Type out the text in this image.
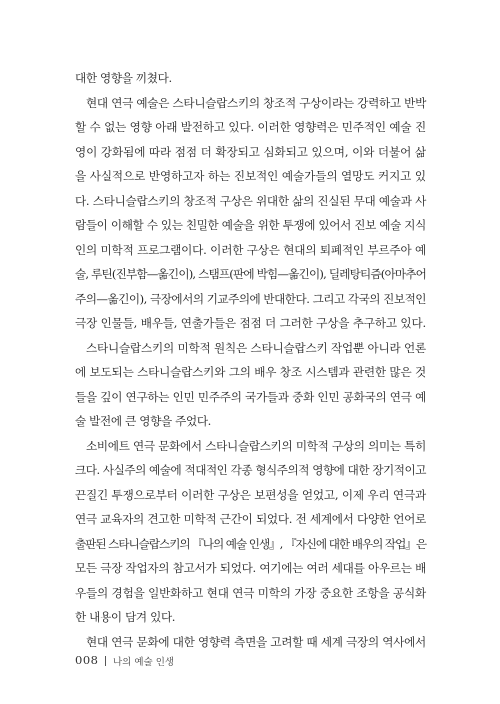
대한 영향을 끼쳤다.
현대 연극 예술은 스타니슬랍스키의 창조적 구상이라는 강력하고 반박
할 수 없는 영향 아래 발전하고 있다. 이러한 영향력은 민주적인 예술 진
영이 강화됨에 따라 점점 더 확장되고 심화되고 있으며, 이와 더불어 삶
을 사실적으로 반영하고자 하는 진보적인 예술가들의 열망도 커지고 있
다. 스타니슬랍스키의 창조적 구상은 위대한 삶의 진실된 무대 예술과 사
람들이 이해할 수 있는 친밀한 예술을 위한 투쟁에 있어서 진보 예술 지식
인의 미학적 프로그램이다. 이러한 구상은 현대의 퇴폐적인 부르주아 예
술, 루틴(진부함—옮긴이), 스탬프(판에 박힘—옮긴이), 딜레탕티즘(아마추어
주의—옮긴이), 극장에서의 기교주의에 반대한다. 그리고 각국의 진보적인
극장 인물들, 배우들, 연출가들은 점점 더 그러한 구상을 추구하고 있다.
스타니슬랍스키의 미학적 원칙은 스타니슬랍스키 작업뿐 아니라 언론
에 보도되는 스타니슬랍스키와 그의 배우 창조 시스템과 관련한 많은 것
들을 깊이 연구하는 인민 민주주의 국가들과 중화 인민 공화국의 연극 예
술 발전에 큰 영향을 주었다.
소비에트 연극 문화에서 스타니슬랍스키의 미학적 구상의 의미는 특히
크다. 사실주의 예술에 적대적인 각종 형식주의적 영향에 대한 장기적이고
끈질긴 투쟁으로부터 이러한 구상은 보편성을 얻었고, 이제 우리 연극과
연극 교육자의 견고한 미학적 근간이 되었다. 전 세계에서 다양한 언어로
출판된 스타니슬랍스키의 『나의 예술 인생』, 『자신에 대한 배우의 작업』은
모든 극장 작업자의 참고서가 되었다. 여기에는 여러 세대를 아우르는 배
우들의 경험을 일반화하고 현대 연극 미학의 가장 중요한 조항을 공식화
한 내용이 담겨 있다.
현대 연극 문화에 대한 영향력 측면을 고려할 때 세계 극장의 역사에서
008 나의 예술 인생
